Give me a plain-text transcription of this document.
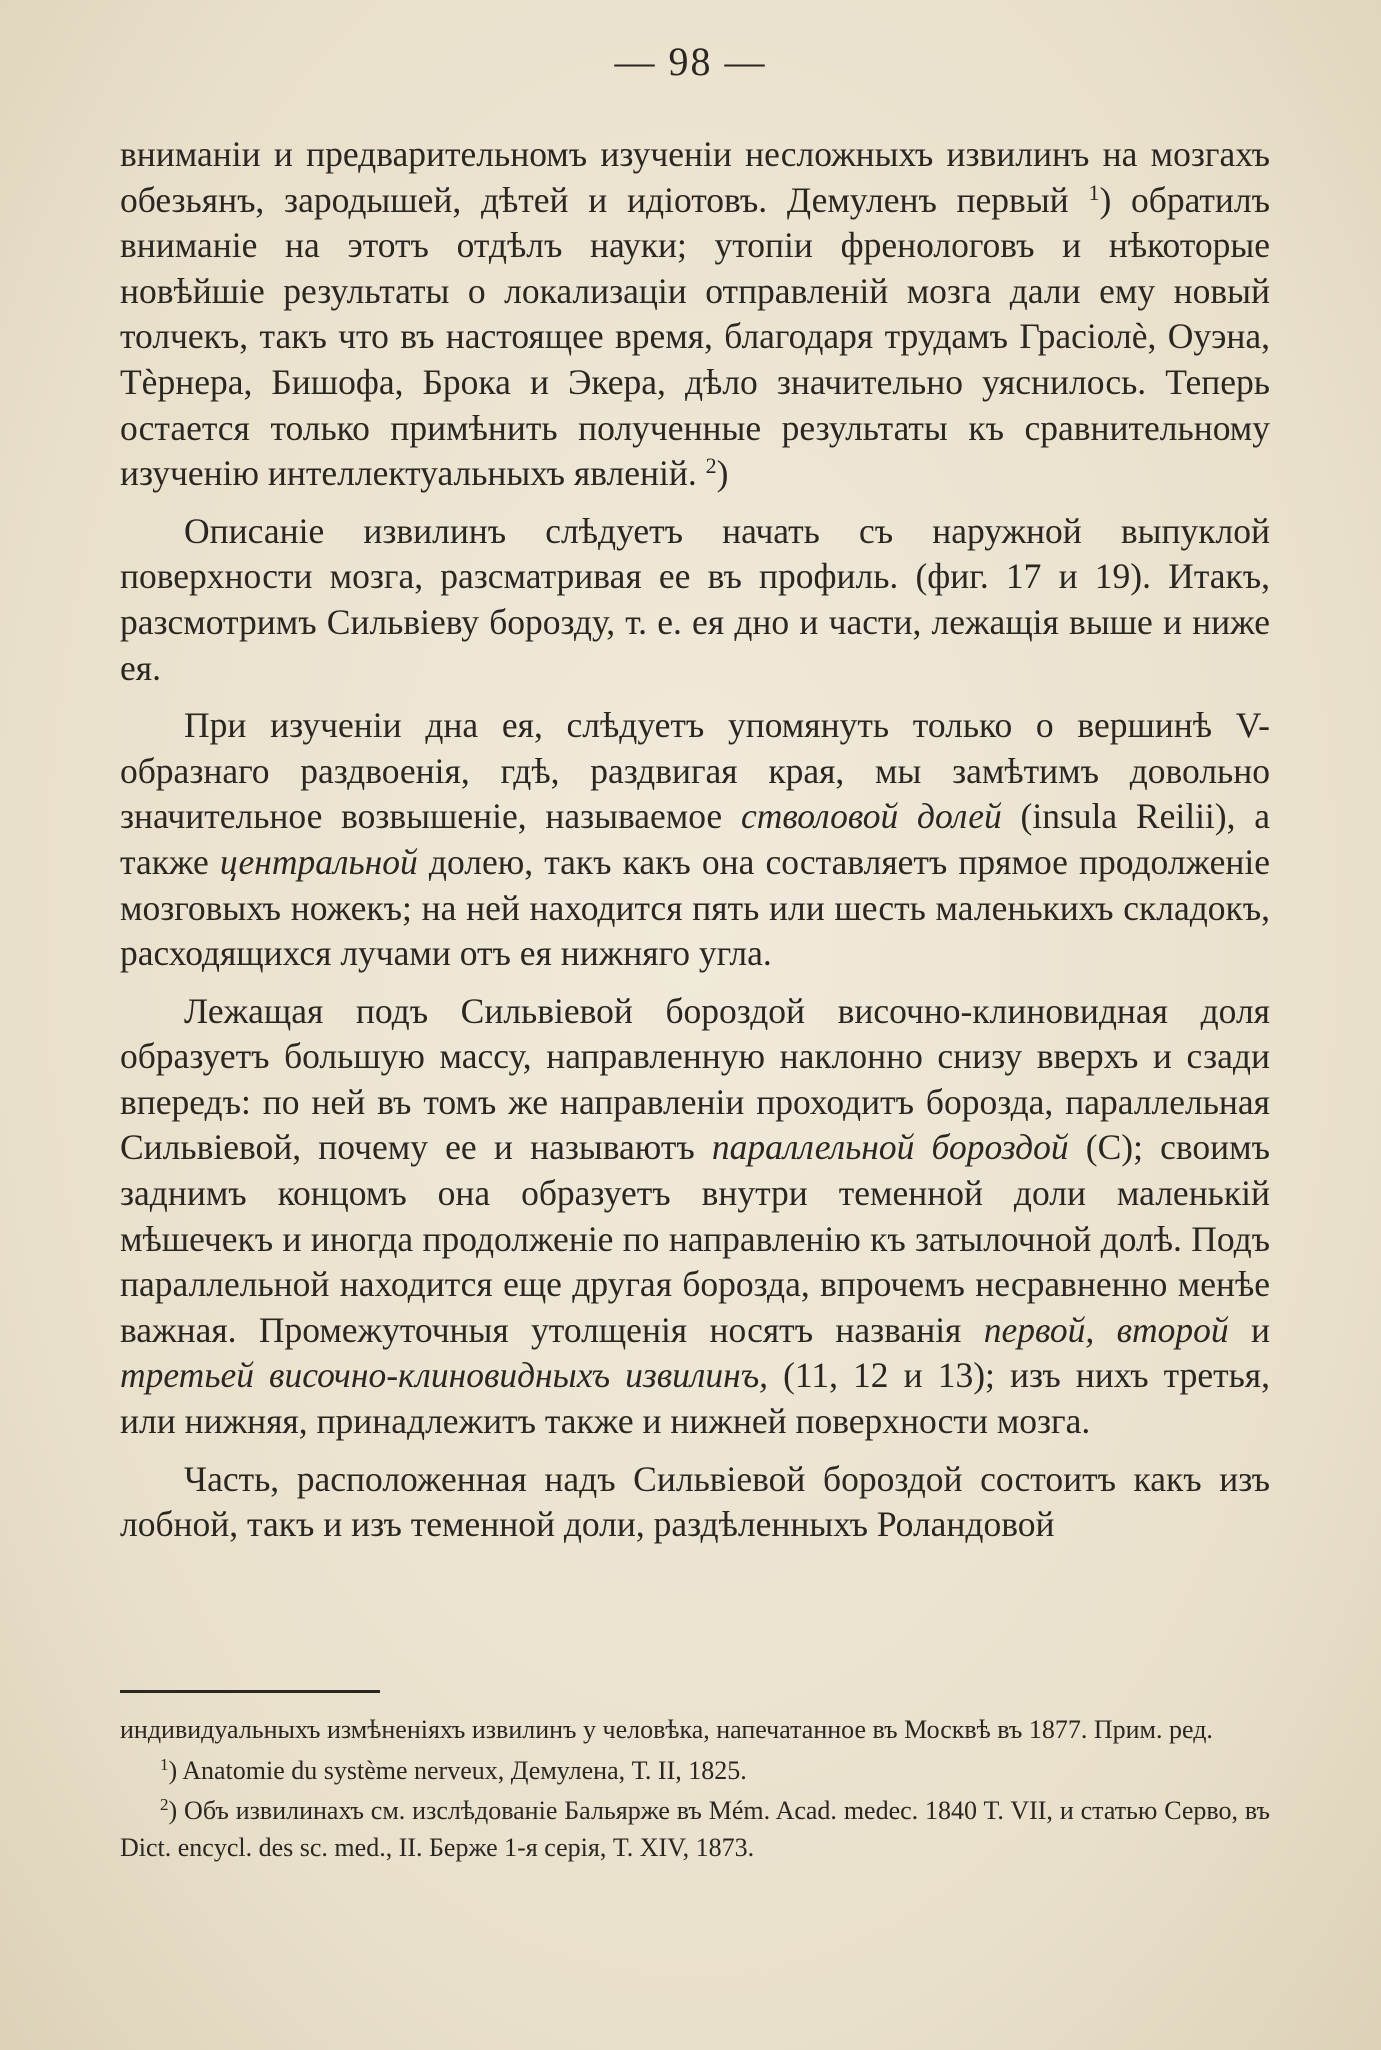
— 98 —

вниманіи и предварительномъ изученіи несложныхъ извилинъ на мозгахъ обезьянъ, зародышей, дѣтей и идіотовъ. Демуленъ первый $^1$) обратилъ вниманіе на этотъ отдѣлъ науки; утопіи френологовъ и нѣкоторые новѣйшіе результаты о локализаціи отправленій мозга дали ему новый толчекъ, такъ что въ настоящее время, благодаря трудамъ Грасіолѐ, Оуэна, Тѐрнера, Бишофа, Брока и Экера, дѣло значительно уяснилось. Теперь остается только примѣнить полученные результаты къ сравнительному изученію интеллектуальныхъ явленій. $^2$)

Описаніе извилинъ слѣдуетъ начать съ наружной выпуклой поверхности мозга, разсматривая ее въ профиль. (фиг. 17 и 19). Итакъ, разсмотримъ Сильвіеву борозду, т. е. ея дно и части, лежащія выше и ниже ея.

При изученіи дна ея, слѣдуетъ упомянуть только о вершинѣ V-образнаго раздвоенія, гдѣ, раздвигая края, мы замѣтимъ довольно значительное возвышеніе, называемое стволовой долей (insula Reilii), а также центральной долею, такъ какъ она составляетъ прямое продолженіе мозговыхъ ножекъ; на ней находится пять или шесть маленькихъ складокъ, расходящихся лучами отъ ея нижняго угла.

Лежащая подъ Сильвіевой бороздой височно-клиновидная доля образуетъ большую массу, направленную наклонно снизу вверхъ и сзади впередъ: по ней въ томъ же направленіи проходитъ борозда, параллельная Сильвіевой, почему ее и называютъ параллельной бороздой (C); своимъ заднимъ концомъ она образуетъ внутри теменной доли маленькій мѣшечекъ и иногда продолженіе по направленію къ затылочной долѣ. Подъ параллельной находится еще другая борозда, впрочемъ несравненно менѣе важная. Промежуточныя утолщенія носятъ названія первой, второй и третьей височно-клиновидныхъ извилинъ, (11, 12 и 13); изъ нихъ третья, или нижняя, принадлежитъ также и нижней поверхности мозга.

Часть, расположенная надъ Сильвіевой бороздой состоитъ какъ изъ лобной, такъ и изъ теменной доли, раздѣленныхъ Роландовой

индивидуальныхъ измѣненіяхъ извилинъ у человѣка, напечатанное въ Москвѣ въ 1877. Прим. ред.

$^1$) Anatomie du système nerveux, Демулена, Т. II, 1825.

$^2$) Объ извилинахъ см. изслѣдованіе Бальярже въ Mém. Acad. medec. 1840 T. VII, и статью Серво, въ Dict. encycl. des sc. med., II. Берже 1-я серія, T. XIV, 1873.
